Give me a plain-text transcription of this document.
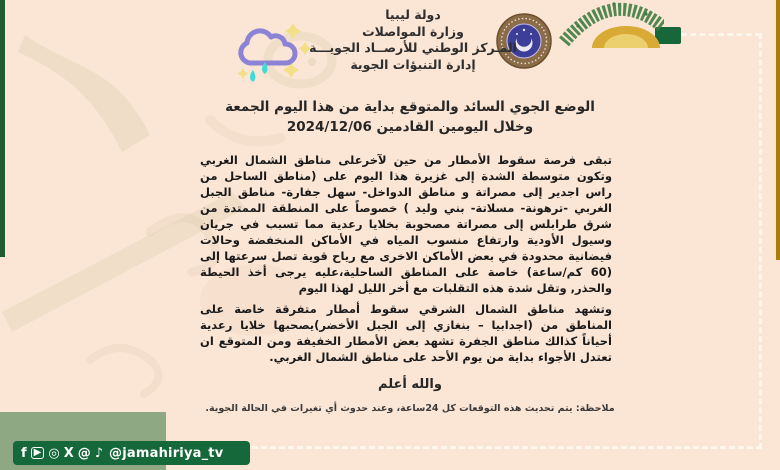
دولة ليبيا
وزارة المواصلات
المـركز الوطني للأرصــاد الجويـــة
إدارة التنبؤات الجوية
الوضع الجوي السائد والمتوقع بداية من هذا اليوم الجمعة
2024/12/06 وخلال اليومين القادمين

تبقى فرصة سقوط الأمطار من حين لآخرعلى مناطق الشمال الغربي وتكون متوسطة الشدة إلى غزيرة هذا اليوم على (مناطق الساحل من راس اجدير إلى مصراتة و مناطق الدواخل- سهل جفارة- مناطق الجبل الغربي -ترهونة- مسلاتة- بني وليد ) خصوصاً على المنطقة الممتدة من شرق طرابلس إلى مصراتة مصحوبة بخلايا رعدية مما تسبب في جريان وسيول الأودية وارتفاع منسوب المياه في الأماكن المنخفضة وحالات فيضانية محدودة في بعض الأماكن الاخرى مع رياح قوية تصل سرعتها إلى (60 كم/ساعة) خاصة على المناطق الساحلية،عليه يرجى أخذ الحيطة والحذر, وتقل شدة هذه التقلبات مع أخر الليل لهذا اليوم

وتشهد مناطق الشمال الشرقي سقوط أمطار متفرقة خاصة على المناطق من (اجدابيا – بنغازي إلى الجبل الأخضر)يصحبها خلايا رعدية أحياناً كذالك مناطق الجفرة تشهد بعض الأمطار الخفيفة ومن المتوقع ان تعتدل الأجواء بداية من يوم الأحد على مناطق الشمال الغربي.

والله أعلم
ملاحظة: يتم تحديث هذه التوقعات كل 24ساعة، وعند حدوث أي تغيرات في الحالة الجوية.
f ▶ ◎ X @ ♪ @jamahiriya_tv
